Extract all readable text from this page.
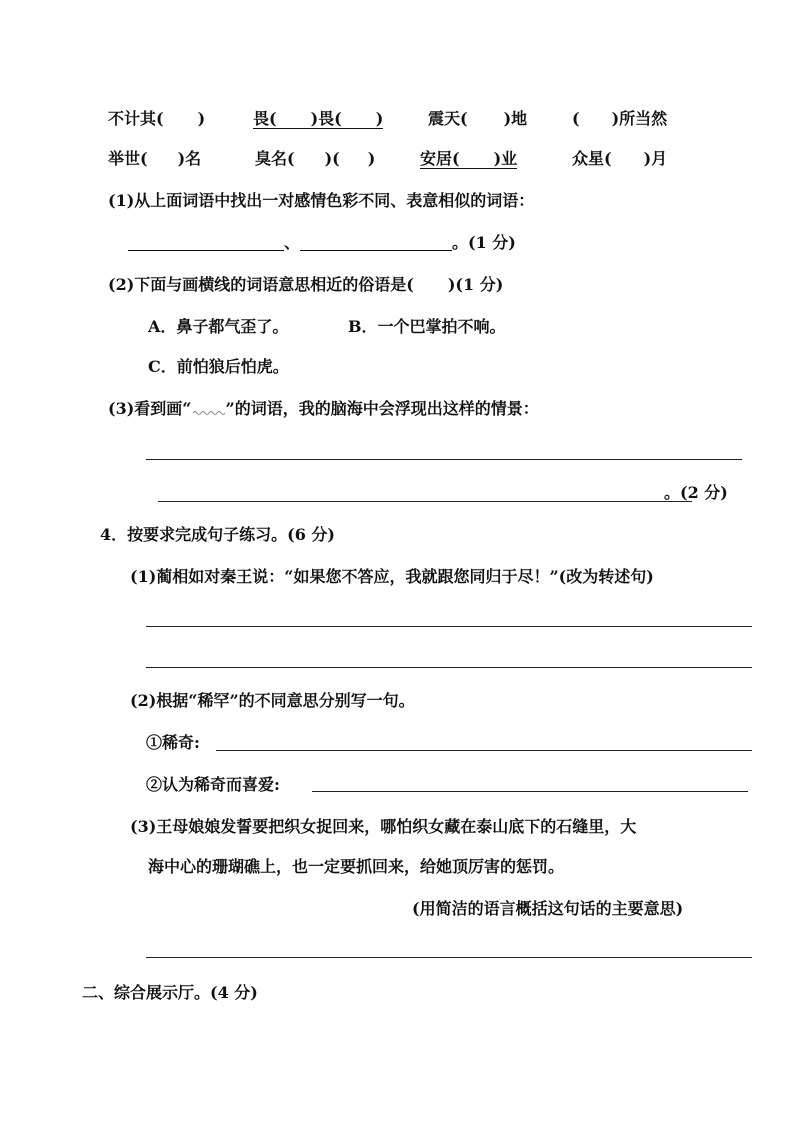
不计其( )	畏( )畏( )	震天( )地	( )所当然
举世( )名	臭名( )( )	安居( )业	众星( )月
(1)从上面词语中找出一对感情色彩不同、表意相似的词语：
、	。(1 分)
(2)下面与画横线的词语意思相近的俗语是( )(1 分)
A．鼻子都气歪了。	B．一个巴掌拍不响。
C．前怕狼后怕虎。
(3)看到画“ ”的词语，我的脑海中会浮现出这样的情景：
。(2 分)
4．按要求完成句子练习。(6 分)
(1)蔺相如对秦王说：“如果您不答应，我就跟您同归于尽！”(改为转述句)
(2)根据“稀罕”的不同意思分别写一句。
①稀奇:
②认为稀奇而喜爱:
(3)王母娘娘发誓要把织女捉回来，哪怕织女藏在泰山底下的石缝里，大
海中心的珊瑚礁上，也一定要抓回来，给她顶厉害的惩罚。
(用简洁的语言概括这句话的主要意思)
二、综合展示厅。(4 分)
